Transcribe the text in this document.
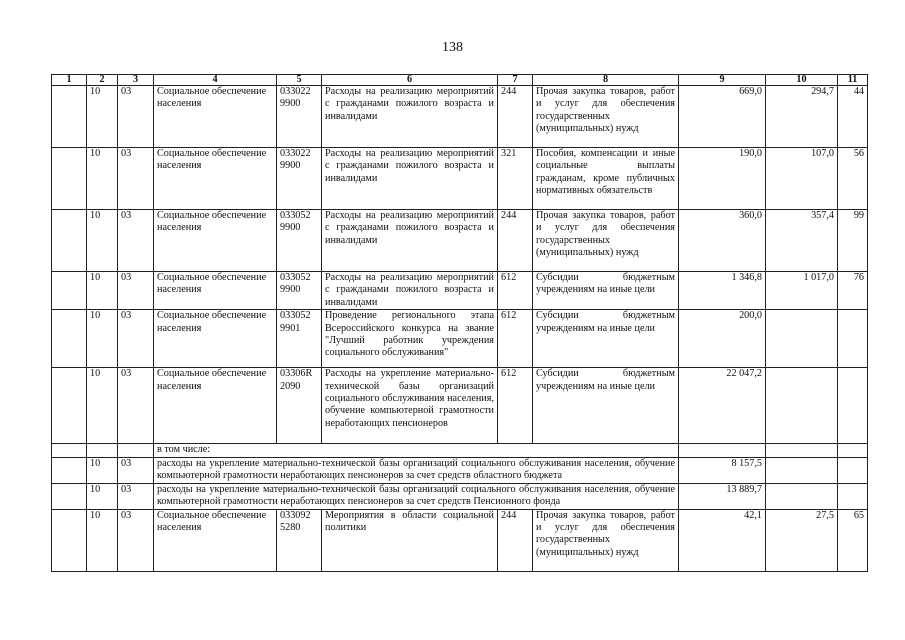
138
1	2	3	4	5	6	7	8	9	10	11
	10	03	Социальное обеспечение населения	033022 9900	Расходы на реализацию мероприятий с гражданами пожилого возраста и инвалидами	244	Прочая закупка товаров, работ и услуг для обеспечения государственных (муниципальных) нужд	669,0	294,7	44
	10	03	Социальное обеспечение населения	033022 9900	Расходы на реализацию мероприятий с гражданами пожилого возраста и инвалидами	321	Пособия, компенсации и иные социальные выплаты гражданам, кроме публичных нормативных обязательств	190,0	107,0	56
	10	03	Социальное обеспечение населения	033052 9900	Расходы на реализацию мероприятий с гражданами пожилого возраста и инвалидами	244	Прочая закупка товаров, работ и услуг для обеспечения государственных (муниципальных) нужд	360,0	357,4	99
	10	03	Социальное обеспечение населения	033052 9900	Расходы на реализацию мероприятий с гражданами пожилого возраста и инвалидами	612	Субсидии бюджетным учреждениям на иные цели	1 346,8	1 017,0	76
	10	03	Социальное обеспечение населения	033052 9901	Проведение регионального этапа Всероссийского конкурса на звание "Лучший работник учреждения социального обслуживания"	612	Субсидии бюджетным учреждениям на иные цели	200,0		
	10	03	Социальное обеспечение населения	03306R 2090	Расходы на укрепление материально-технической базы организаций социального обслуживания населения, обучение компьютерной грамотности неработающих пенсионеров	612	Субсидии бюджетным учреждениям на иные цели	22 047,2		
			в том числе:							
	10	03	расходы на укрепление материально-технической базы организаций социального обслуживания населения, обучение компьютерной грамотности неработающих пенсионеров за счет средств областного бюджета					8 157,5		
	10	03	расходы на укрепление материально-технической базы организаций социального обслуживания населения, обучение компьютерной грамотности неработающих пенсионеров за счет средств Пенсионного фонда					13 889,7		
	10	03	Социальное обеспечение населения	033092 5280	Мероприятия в области социальной политики	244	Прочая закупка товаров, работ и услуг для обеспечения государственных (муниципальных) нужд	42,1	27,5	65
